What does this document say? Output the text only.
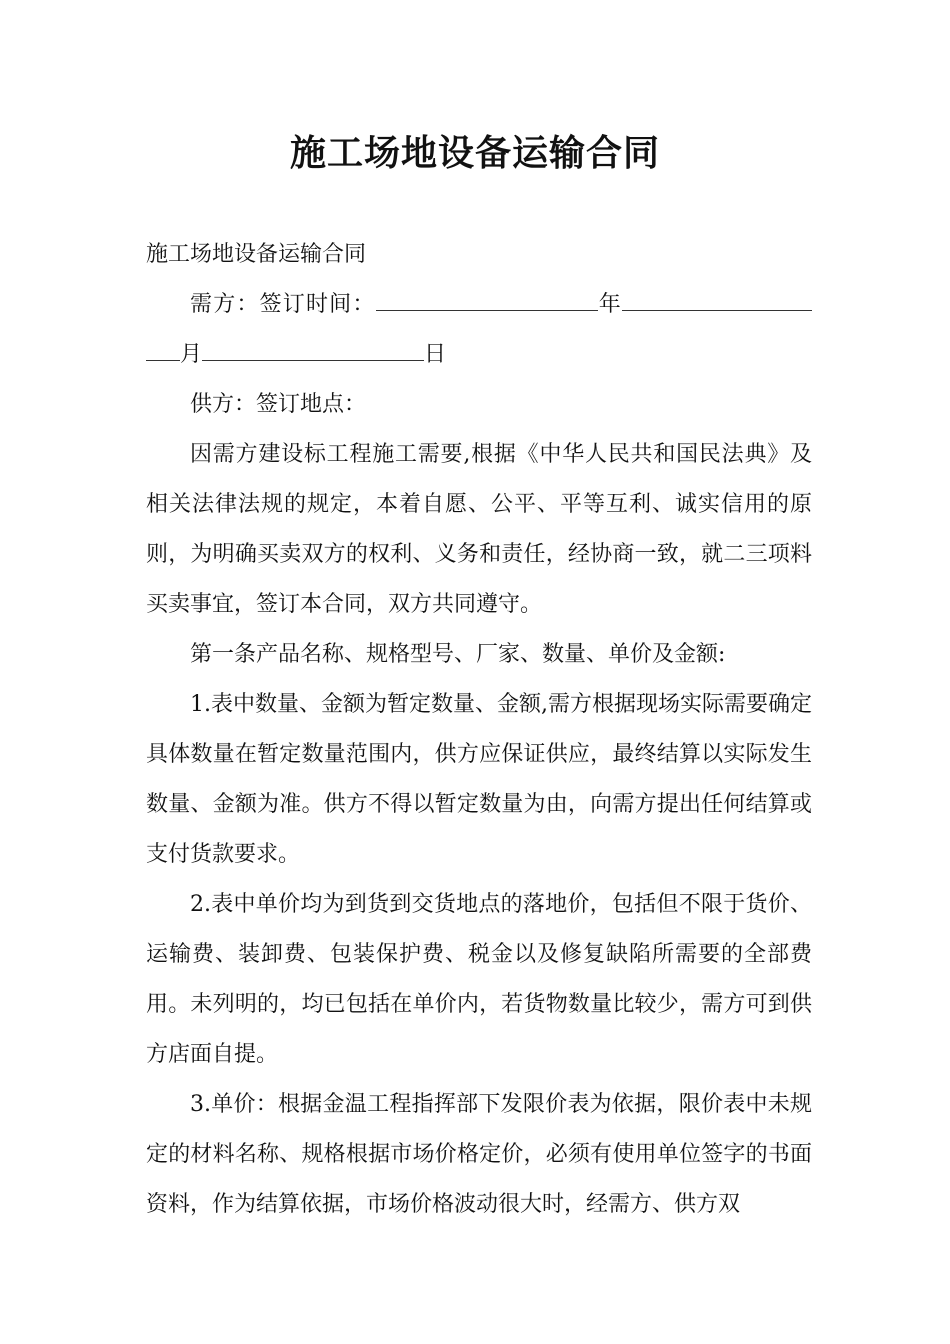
施工场地设备运输合同

施工场地设备运输合同

需方：签订时间：	年月	日

供方：签订地点：

因需方建设标工程施工需要,根据《中华人民共和国民法典》及相关法律法规的规定，本着自愿、公平、平等互利、诚实信用的原则，为明确买卖双方的权利、义务和责任，经协商一致，就二三项料买卖事宜，签订本合同，双方共同遵守。

第一条产品名称、规格型号、厂家、数量、单价及金额:

1.表中数量、金额为暂定数量、金额,需方根据现场实际需要确定具体数量在暂定数量范围内，供方应保证供应，最终结算以实际发生数量、金额为准。供方不得以暂定数量为由，向需方提出任何结算或支付货款要求。

2.表中单价均为到货到交货地点的落地价，包括但不限于货价、运输费、装卸费、包装保护费、税金以及修复缺陷所需要的全部费用。未列明的，均已包括在单价内，若货物数量比较少，需方可到供方店面自提。

3.单价：根据金温工程指挥部下发限价表为依据，限价表中未规定的材料名称、规格根据市场价格定价，必须有使用单位签字的书面资料，作为结算依据，市场价格波动很大时，经需方、供方双
